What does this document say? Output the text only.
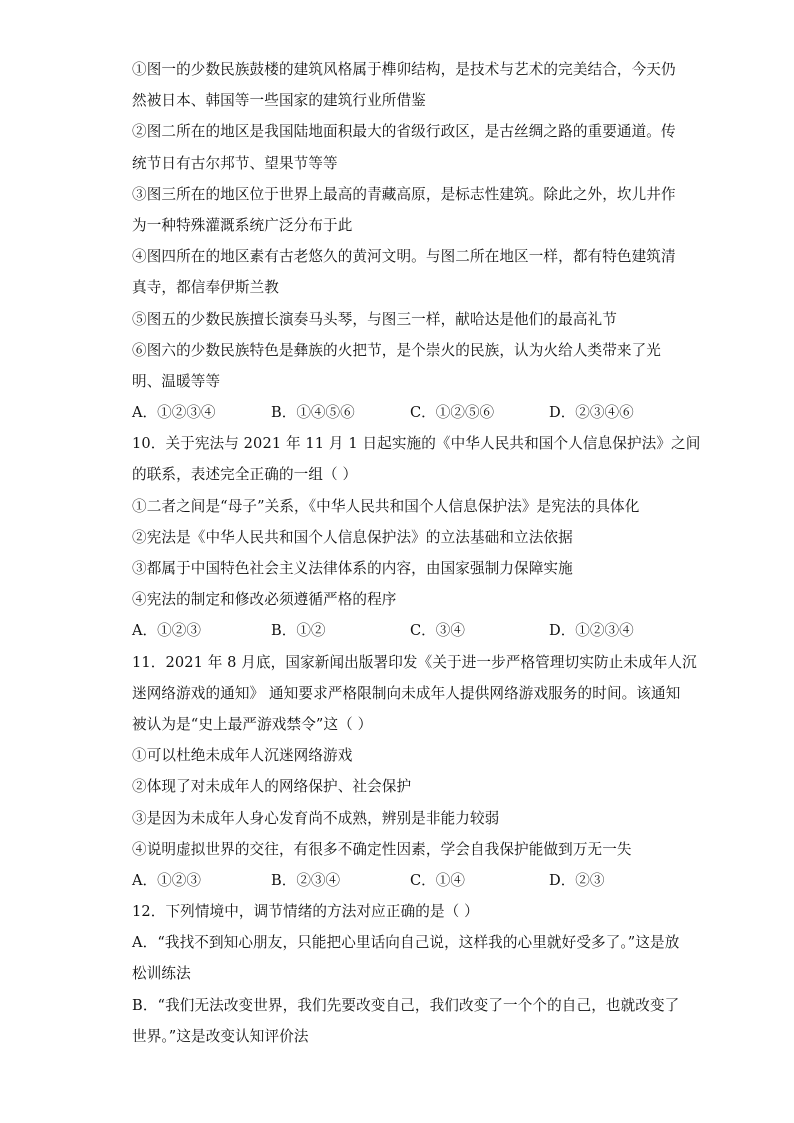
①图一的少数民族鼓楼的建筑风格属于榫卯结构，是技术与艺术的完美结合，今天仍
然被日本、韩国等一些国家的建筑行业所借鉴
②图二所在的地区是我国陆地面积最大的省级行政区，是古丝绸之路的重要通道。传
统节日有古尔邦节、望果节等等
③图三所在的地区位于世界上最高的青藏高原，是标志性建筑。除此之外，坎儿井作
为一种特殊灌溉系统广泛分布于此
④图四所在的地区素有古老悠久的黄河文明。与图二所在地区一样，都有特色建筑清
真寺，都信奉伊斯兰教
⑤图五的少数民族擅长演奏马头琴，与图三一样，献哈达是他们的最高礼节
⑥图六的少数民族特色是彝族的火把节，是个崇火的民族，认为火给人类带来了光
明、温暖等等
A．①②③④	B．①④⑤⑥	C．①②⑤⑥	D．②③④⑥
10．关于宪法与 2021 年 11 月 1 日起实施的《中华人民共和国个人信息保护法》之间
的联系，表述完全正确的一组（ ）
①二者之间是“母子”关系，《中华人民共和国个人信息保护法》是宪法的具体化
②宪法是《中华人民共和国个人信息保护法》的立法基础和立法依据
③都属于中国特色社会主义法律体系的内容，由国家强制力保障实施
④宪法的制定和修改必须遵循严格的程序
A．①②③	B．①②	C．③④	D．①②③④
11．2021 年 8 月底，国家新闻出版署印发《关于进一步严格管理切实防止未成年人沉
迷网络游戏的通知》 通知要求严格限制向未成年人提供网络游戏服务的时间。该通知
被认为是“史上最严游戏禁令”这（ ）
①可以杜绝未成年人沉迷网络游戏
②体现了对未成年人的网络保护、社会保护
③是因为未成年人身心发育尚不成熟，辨别是非能力较弱
④说明虚拟世界的交往，有很多不确定性因素，学会自我保护能做到万无一失
A．①②③	B．②③④	C．①④	D．②③
12．下列情境中，调节情绪的方法对应正确的是（ ）
A．“我找不到知心朋友，只能把心里话向自己说，这样我的心里就好受多了。”这是放
松训练法
B．“我们无法改变世界，我们先要改变自己，我们改变了一个个的自己，也就改变了
世界。”这是改变认知评价法
